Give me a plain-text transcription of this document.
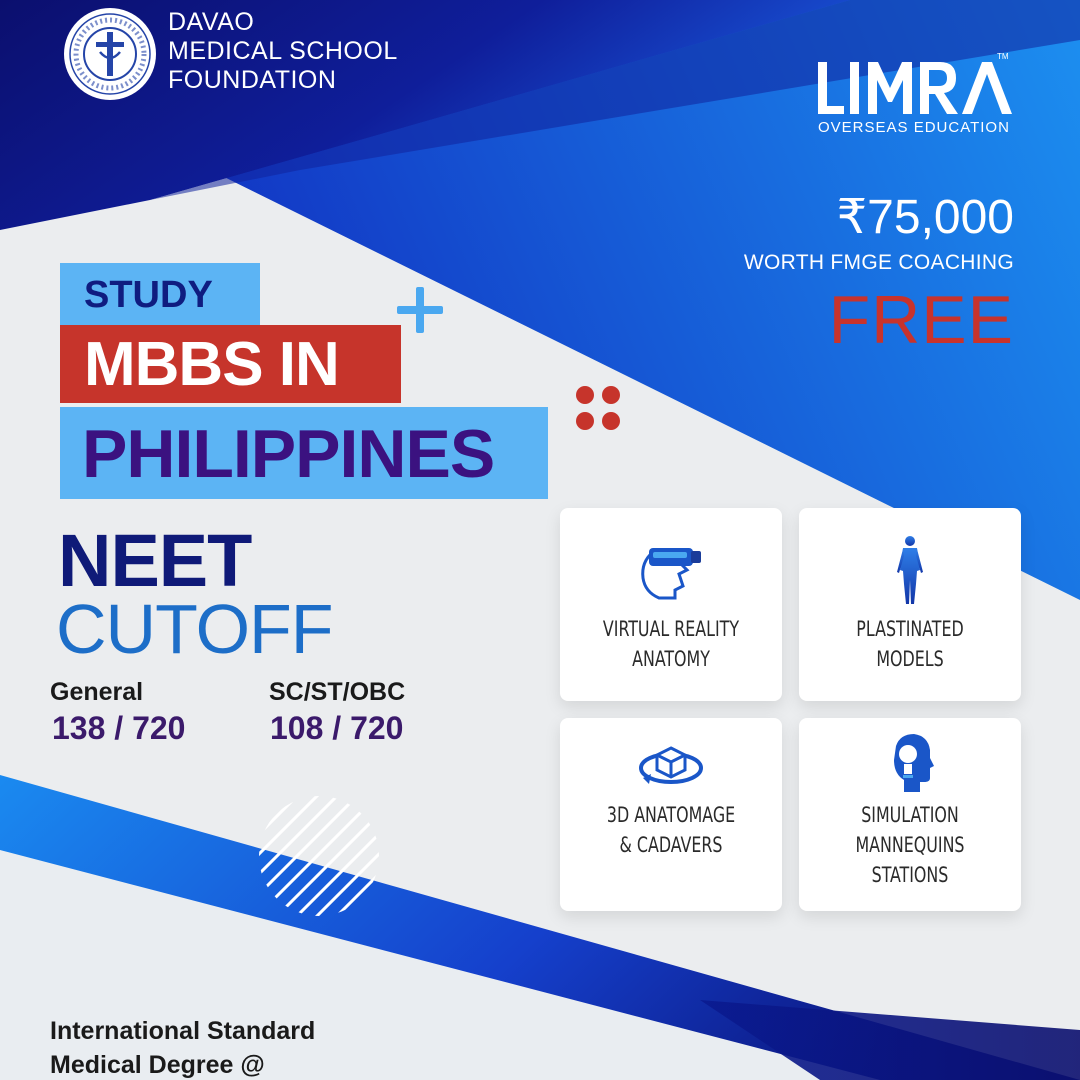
DAVAO
MEDICAL SCHOOL
FOUNDATION
TM
OVERSEAS EDUCATION
₹75,000
WORTH FMGE COACHING
FREE
STUDY
MBBS IN
PHILIPPINES
NEET
CUTOFF
General
138 / 720
SC/ST/OBC
108 / 720
VIRTUAL REALITY
ANATOMY
PLASTINATED
MODELS
3D ANATOMAGE
& CADAVERS
SIMULATION
MANNEQUINS
STATIONS
International Standard
Medical Degree @
